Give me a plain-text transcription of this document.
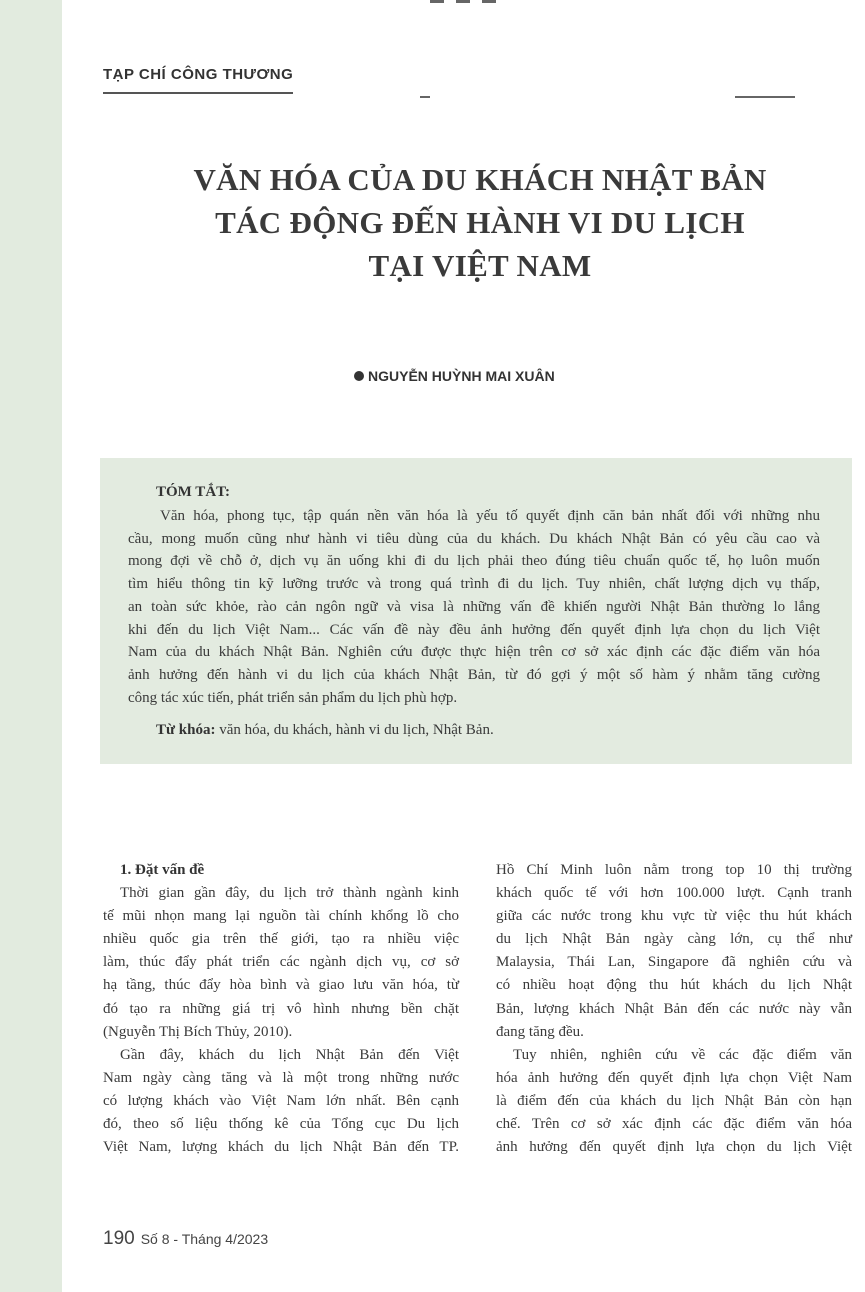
TẠP CHÍ CÔNG THƯƠNG
VĂN HÓA CỦA DU KHÁCH NHẬT BẢN
TÁC ĐỘNG ĐẾN HÀNH VI DU LỊCH
TẠI VIỆT NAM
NGUYỄN HUỲNH MAI XUÂN
TÓM TẮT:
Văn hóa, phong tục, tập quán nền văn hóa là yếu tố quyết định căn bản nhất đối với những nhu
cầu, mong muốn cũng như hành vi tiêu dùng của du khách. Du khách Nhật Bản có yêu cầu cao và
mong đợi về chỗ ở, dịch vụ ăn uống khi đi du lịch phải theo đúng tiêu chuẩn quốc tế, họ luôn muốn
tìm hiểu thông tin kỹ lưỡng trước và trong quá trình đi du lịch. Tuy nhiên, chất lượng dịch vụ thấp,
an toàn sức khỏe, rào cản ngôn ngữ và visa là những vấn đề khiến người Nhật Bản thường lo lắng
khi đến du lịch Việt Nam... Các vấn đề này đều ảnh hưởng đến quyết định lựa chọn du lịch Việt
Nam của du khách Nhật Bản. Nghiên cứu được thực hiện trên cơ sở xác định các đặc điểm văn hóa
ảnh hưởng đến hành vi du lịch của khách Nhật Bản, từ đó gợi ý một số hàm ý nhằm tăng cường
công tác xúc tiến, phát triển sản phẩm du lịch phù hợp.
Từ khóa: văn hóa, du khách, hành vi du lịch, Nhật Bản.
1. Đặt vấn đề
Thời gian gần đây, du lịch trở thành ngành kinh
tế mũi nhọn mang lại nguồn tài chính khổng lồ cho
nhiều quốc gia trên thế giới, tạo ra nhiều việc
làm, thúc đẩy phát triển các ngành dịch vụ, cơ sở
hạ tầng, thúc đẩy hòa bình và giao lưu văn hóa, từ
đó tạo ra những giá trị vô hình nhưng bền chặt
(Nguyễn Thị Bích Thủy, 2010).
Gần đây, khách du lịch Nhật Bản đến Việt
Nam ngày càng tăng và là một trong những nước
có lượng khách vào Việt Nam lớn nhất. Bên cạnh
đó, theo số liệu thống kê của Tổng cục Du lịch
Việt Nam, lượng khách du lịch Nhật Bản đến TP.
Hồ Chí Minh luôn nằm trong top 10 thị trường
khách quốc tế với hơn 100.000 lượt. Cạnh tranh
giữa các nước trong khu vực từ việc thu hút khách
du lịch Nhật Bản ngày càng lớn, cụ thể như
Malaysia, Thái Lan, Singapore đã nghiên cứu và
có nhiều hoạt động thu hút khách du lịch Nhật
Bản, lượng khách Nhật Bản đến các nước này vẫn
đang tăng đều.
Tuy nhiên, nghiên cứu về các đặc điểm văn
hóa ảnh hưởng đến quyết định lựa chọn Việt Nam
là điểm đến của khách du lịch Nhật Bản còn hạn
chế. Trên cơ sở xác định các đặc điểm văn hóa
ảnh hưởng đến quyết định lựa chọn du lịch Việt
190 Số 8 - Tháng 4/2023
